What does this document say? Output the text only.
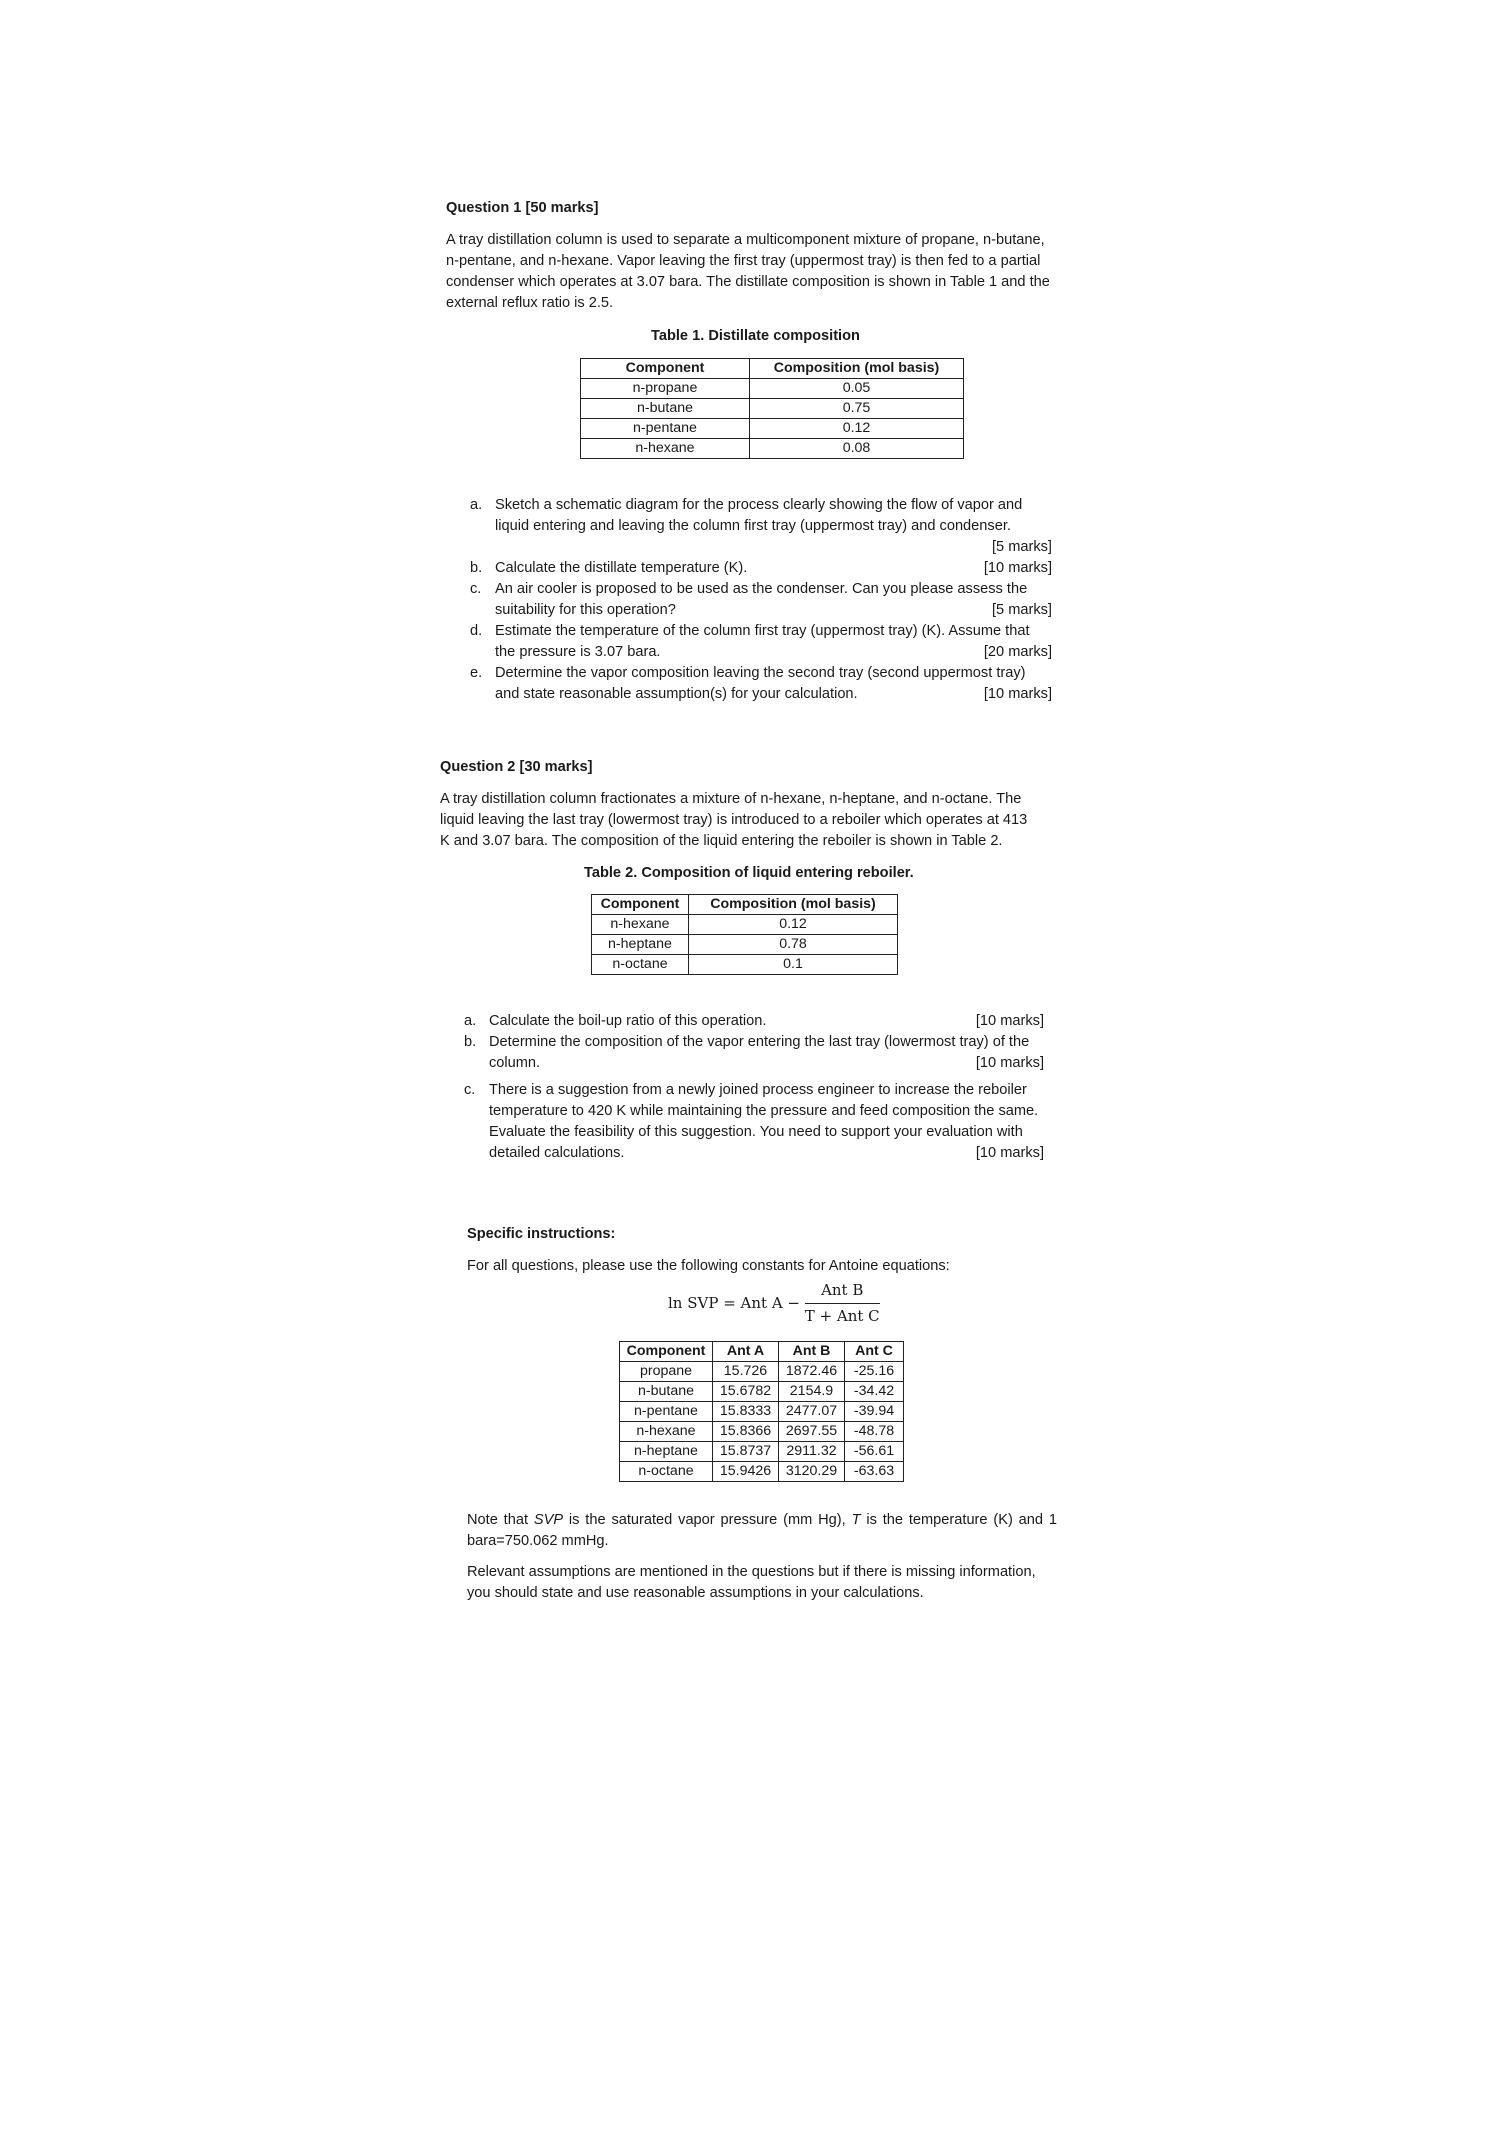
Question 1 [50 marks]
A tray distillation column is used to separate a multicomponent mixture of propane, n-butane,
n-pentane, and n-hexane. Vapor leaving the first tray (uppermost tray) is then fed to a partial
condenser which operates at 3.07 bara. The distillate composition is shown in Table 1 and the
external reflux ratio is 2.5.
Table 1. Distillate composition
Component	Composition (mol basis)
n-propane	0.05
n-butane	0.75
n-pentane	0.12
n-hexane	0.08
a. Sketch a schematic diagram for the process clearly showing the flow of vapor and
liquid entering and leaving the column first tray (uppermost tray) and condenser.
[5 marks]
b. Calculate the distillate temperature (K).	[10 marks]
c. An air cooler is proposed to be used as the condenser. Can you please assess the
suitability for this operation?	[5 marks]
d. Estimate the temperature of the column first tray (uppermost tray) (K). Assume that
the pressure is 3.07 bara.	[20 marks]
e. Determine the vapor composition leaving the second tray (second uppermost tray)
and state reasonable assumption(s) for your calculation.	[10 marks]
Question 2 [30 marks]
A tray distillation column fractionates a mixture of n-hexane, n-heptane, and n-octane. The
liquid leaving the last tray (lowermost tray) is introduced to a reboiler which operates at 413
K and 3.07 bara. The composition of the liquid entering the reboiler is shown in Table 2.
Table 2. Composition of liquid entering reboiler.
Component	Composition (mol basis)
n-hexane	0.12
n-heptane	0.78
n-octane	0.1
a. Calculate the boil-up ratio of this operation.	[10 marks]
b. Determine the composition of the vapor entering the last tray (lowermost tray) of the
column.	[10 marks]
c. There is a suggestion from a newly joined process engineer to increase the reboiler
temperature to 420 K while maintaining the pressure and feed composition the same.
Evaluate the feasibility of this suggestion. You need to support your evaluation with
detailed calculations.	[10 marks]
Specific instructions:
For all questions, please use the following constants for Antoine equations:
ln SVP = Ant $A - \frac{\text{Ant B}}{\text{T + Ant C}}$
Component	Ant A	Ant B	Ant C
propane	15.726	1872.46	-25.16
n-butane	15.6782	2154.9	-34.42
n-pentane	15.8333	2477.07	-39.94
n-hexane	15.8366	2697.55	-48.78
n-heptane	15.8737	2911.32	-56.61
n-octane	15.9426	3120.29	-63.63
Note that SVP is the saturated vapor pressure (mm Hg), T is the temperature (K) and 1
bara=750.062 mmHg.
Relevant assumptions are mentioned in the questions but if there is missing information,
you should state and use reasonable assumptions in your calculations.
